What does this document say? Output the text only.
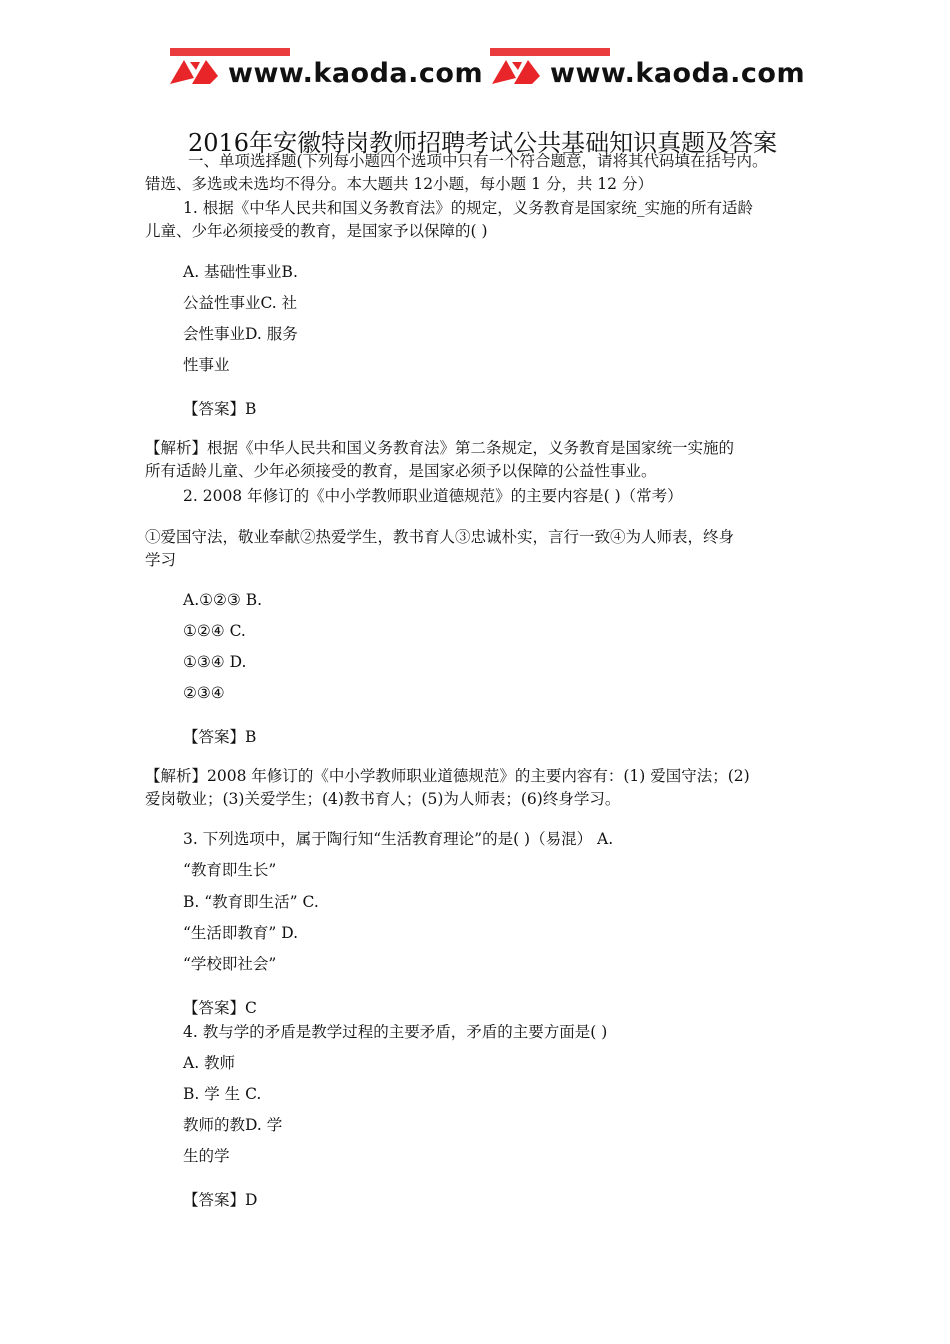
www.kaoda.com www.kaoda.com
2016年安徽特岗教师招聘考试公共基础知识真题及答案
一、单项选择题(下列每小题四个选项中只有一个符合题意，请将其代码填在括号内。
错选、多选或未选均不得分。本大题共 12小题，每小题 1 分，共 12 分）
1. 根据《中华人民共和国义务教育法》的规定，义务教育是国家统_实施的所有适龄
儿童、少年必须接受的教育，是国家予以保障的( )
A. 基础性事业B.
公益性事业C. 社
会性事业D. 服务
性事业
【答案】B
【解析】根据《中华人民共和国义务教育法》第二条规定，义务教育是国家统一实施的
所有适龄儿童、少年必须接受的教育，是国家必须予以保障的公益性事业。
2. 2008 年修订的《中小学教师职业道德规范》的主要内容是( )（常考）
①爱国守法，敬业奉献②热爱学生，教书育人③忠诚朴实，言行一致④为人师表，终身
学习
A.①②③ B.
①②④ C.
①③④ D.
②③④
【答案】B
【解析】2008 年修订的《中小学教师职业道德规范》的主要内容有：(1) 爱国守法；(2)
爱岗敬业；(3)关爱学生；(4)教书育人；(5)为人师表；(6)终身学习。
3. 下列选项中，属于陶行知“生活教育理论”的是( )（易混） A.
“教育即生长”
B. “教育即生活” C.
“生活即教育” D.
“学校即社会”
【答案】C
4. 教与学的矛盾是教学过程的主要矛盾，矛盾的主要方面是( )
A. 教师
B. 学 生 C.
教师的教D. 学
生的学
【答案】D
